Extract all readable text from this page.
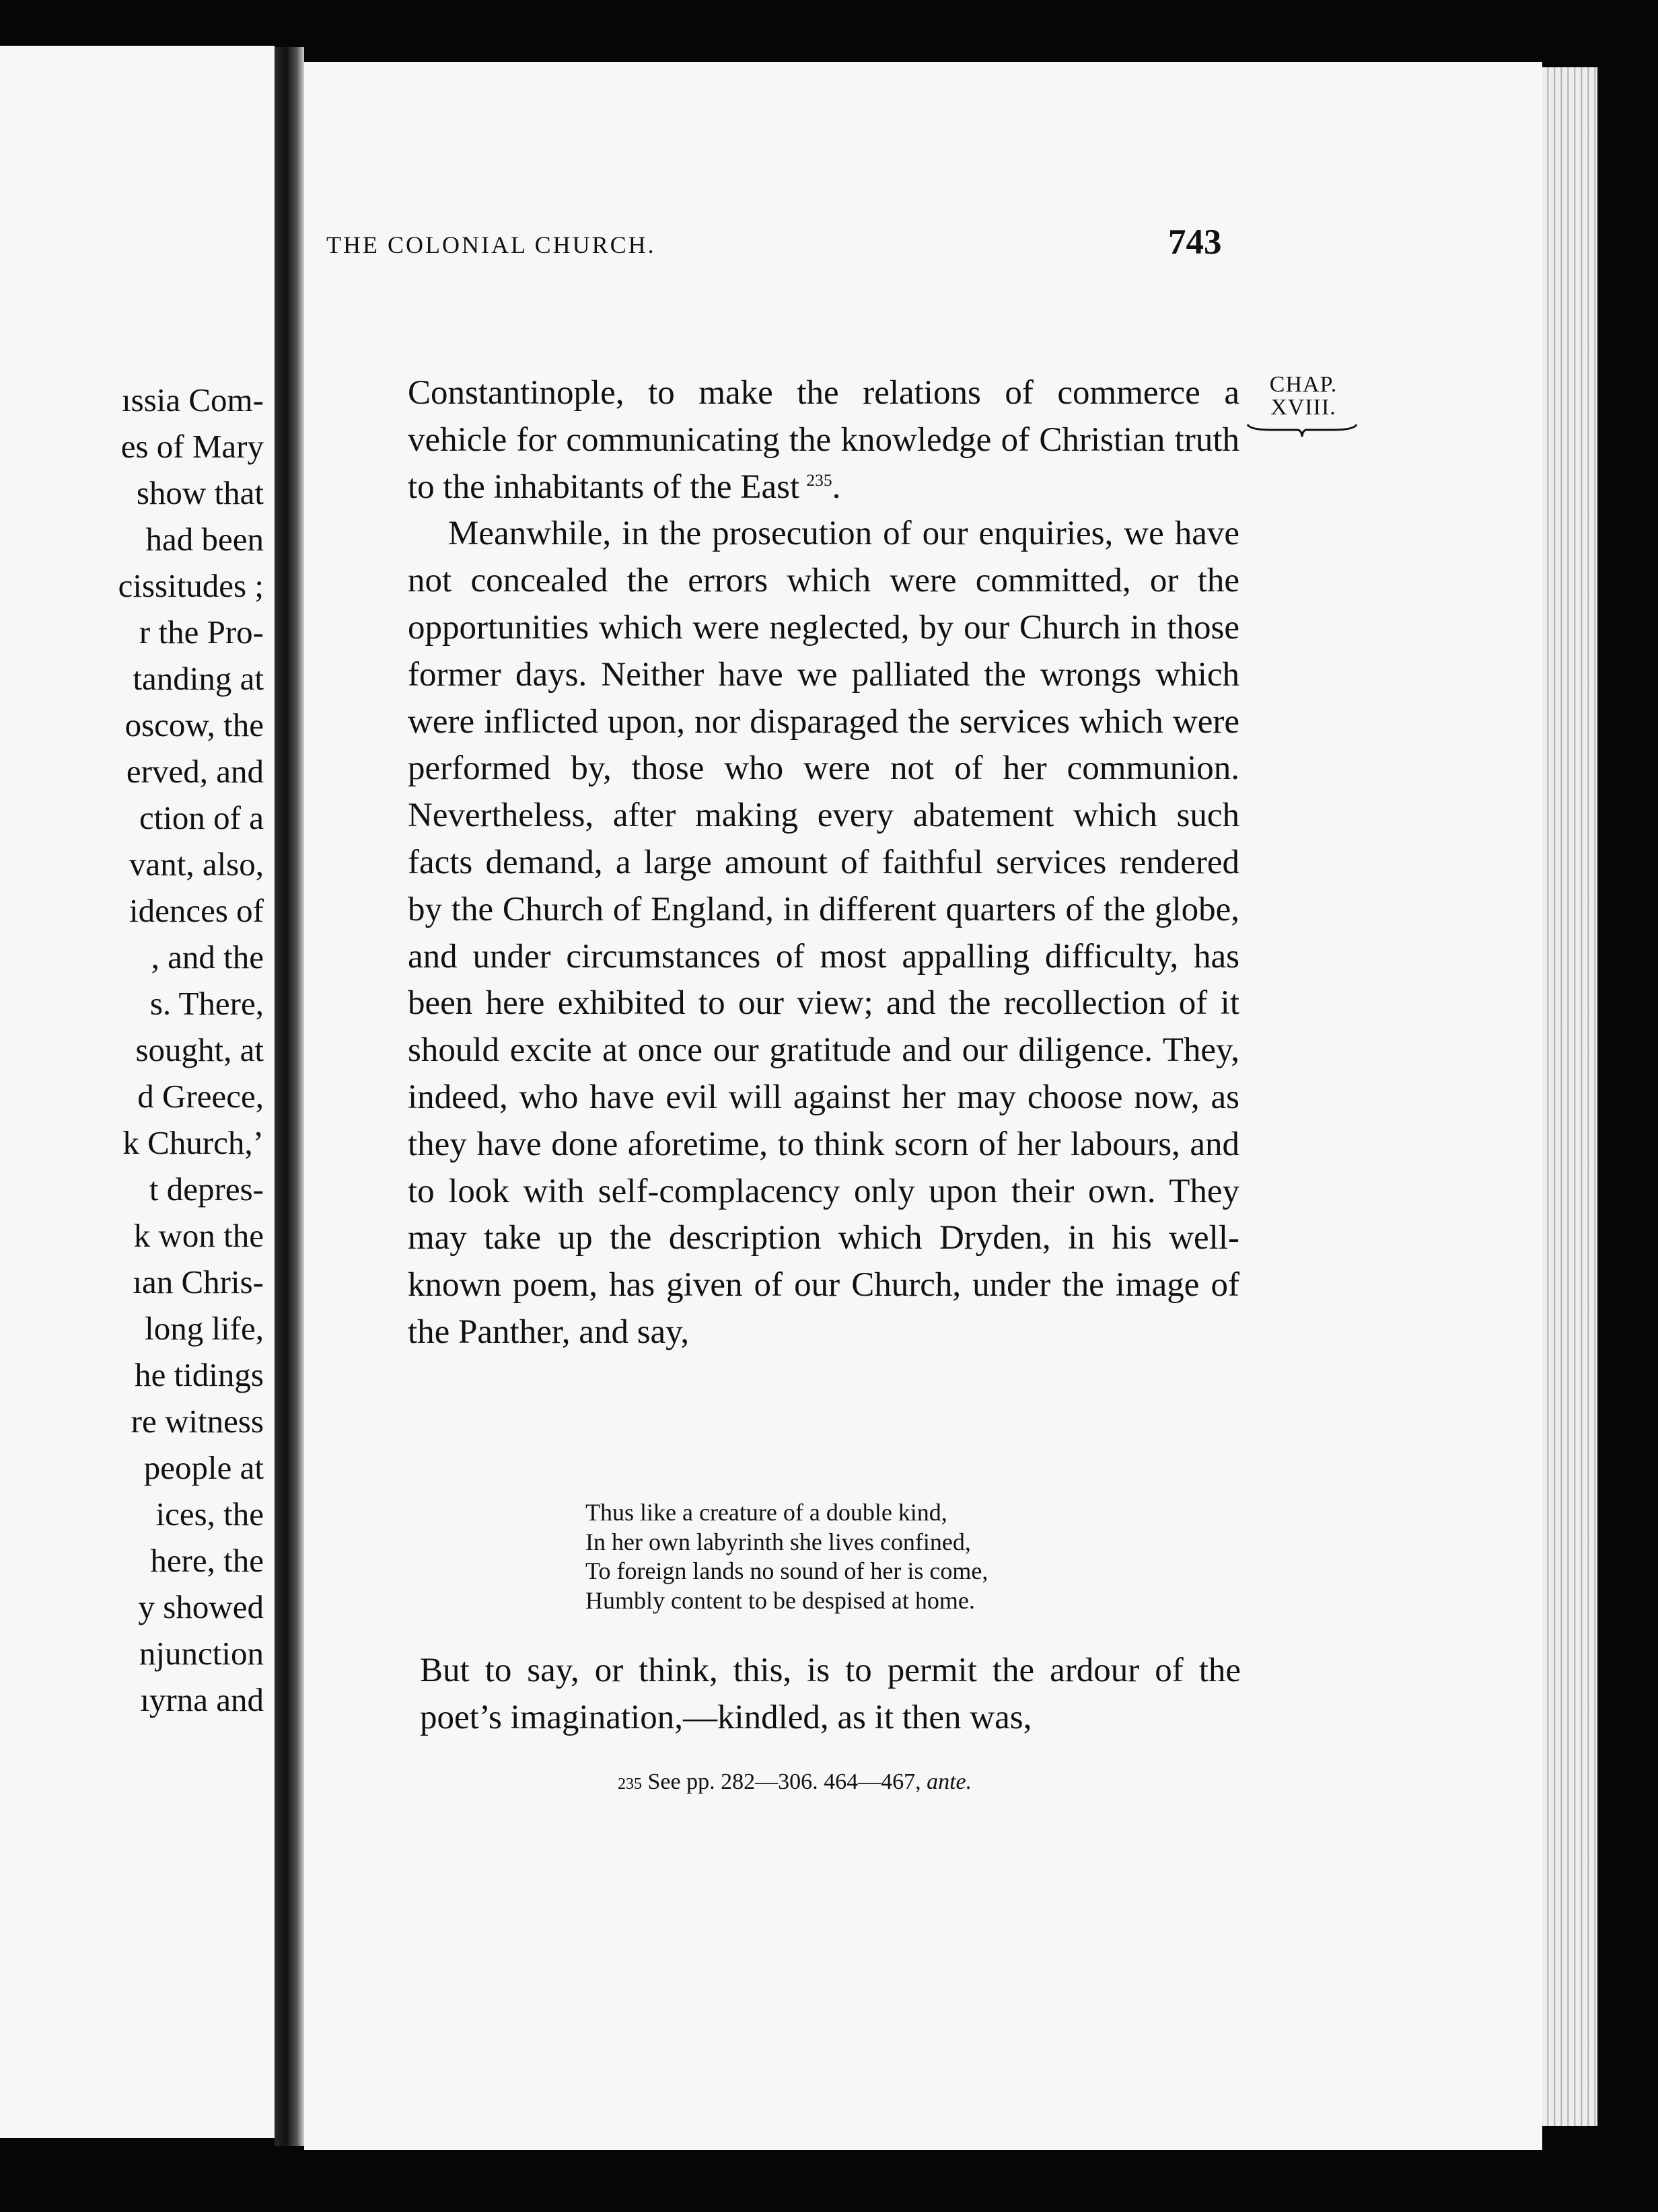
ıssia Com-
es of Mary
show that
had been
cissitudes ;
r the Pro-
tanding at
oscow, the
erved, and
ction of a
vant, also,
idences of
, and the
s. There,
sought, at
d Greece,
k Church,’
t depres-
k won the
ıan Chris-
long life,
he tidings
re witness
people at
ices, the
here, the
y showed
njunction
ıyrna and
THE COLONIAL CHURCH.	743
CHAP.
XVIII.

Constantinople, to make the relations of commerce a vehicle for communicating the knowledge of Christian truth to the inhabitants of the East  $^{235}$.

Meanwhile, in the prosecution of our enquiries, we have not concealed the errors which were committed, or the opportunities which were neglected, by our Church in those former days. Neither have we palliated the wrongs which were inflicted upon, nor disparaged the services which were performed by, those who were not of her communion. Nevertheless, after making every abatement which such facts demand, a large amount of faithful services rendered by the Church of England, in different quarters of the globe, and under circumstances of most appalling difficulty, has been here exhibited to our view; and the recollection of it should excite at once our gratitude and our diligence. They, indeed, who have evil will against her may choose now, as they have done aforetime, to think scorn of her labours, and to look with self-complacency only upon their own. They may take up the description which Dryden, in his well-known poem, has given of our Church, under the image of the Panther, and say,

Thus like a creature of a double kind,
In her own labyrinth she lives confined,
To foreign lands no sound of her is come,
Humbly content to be despised at home.
But to say, or think, this, is to permit the ardour of the poet’s imagination,—kindled, as it then was,
235 See pp. 282—306. 464—467, ante.
